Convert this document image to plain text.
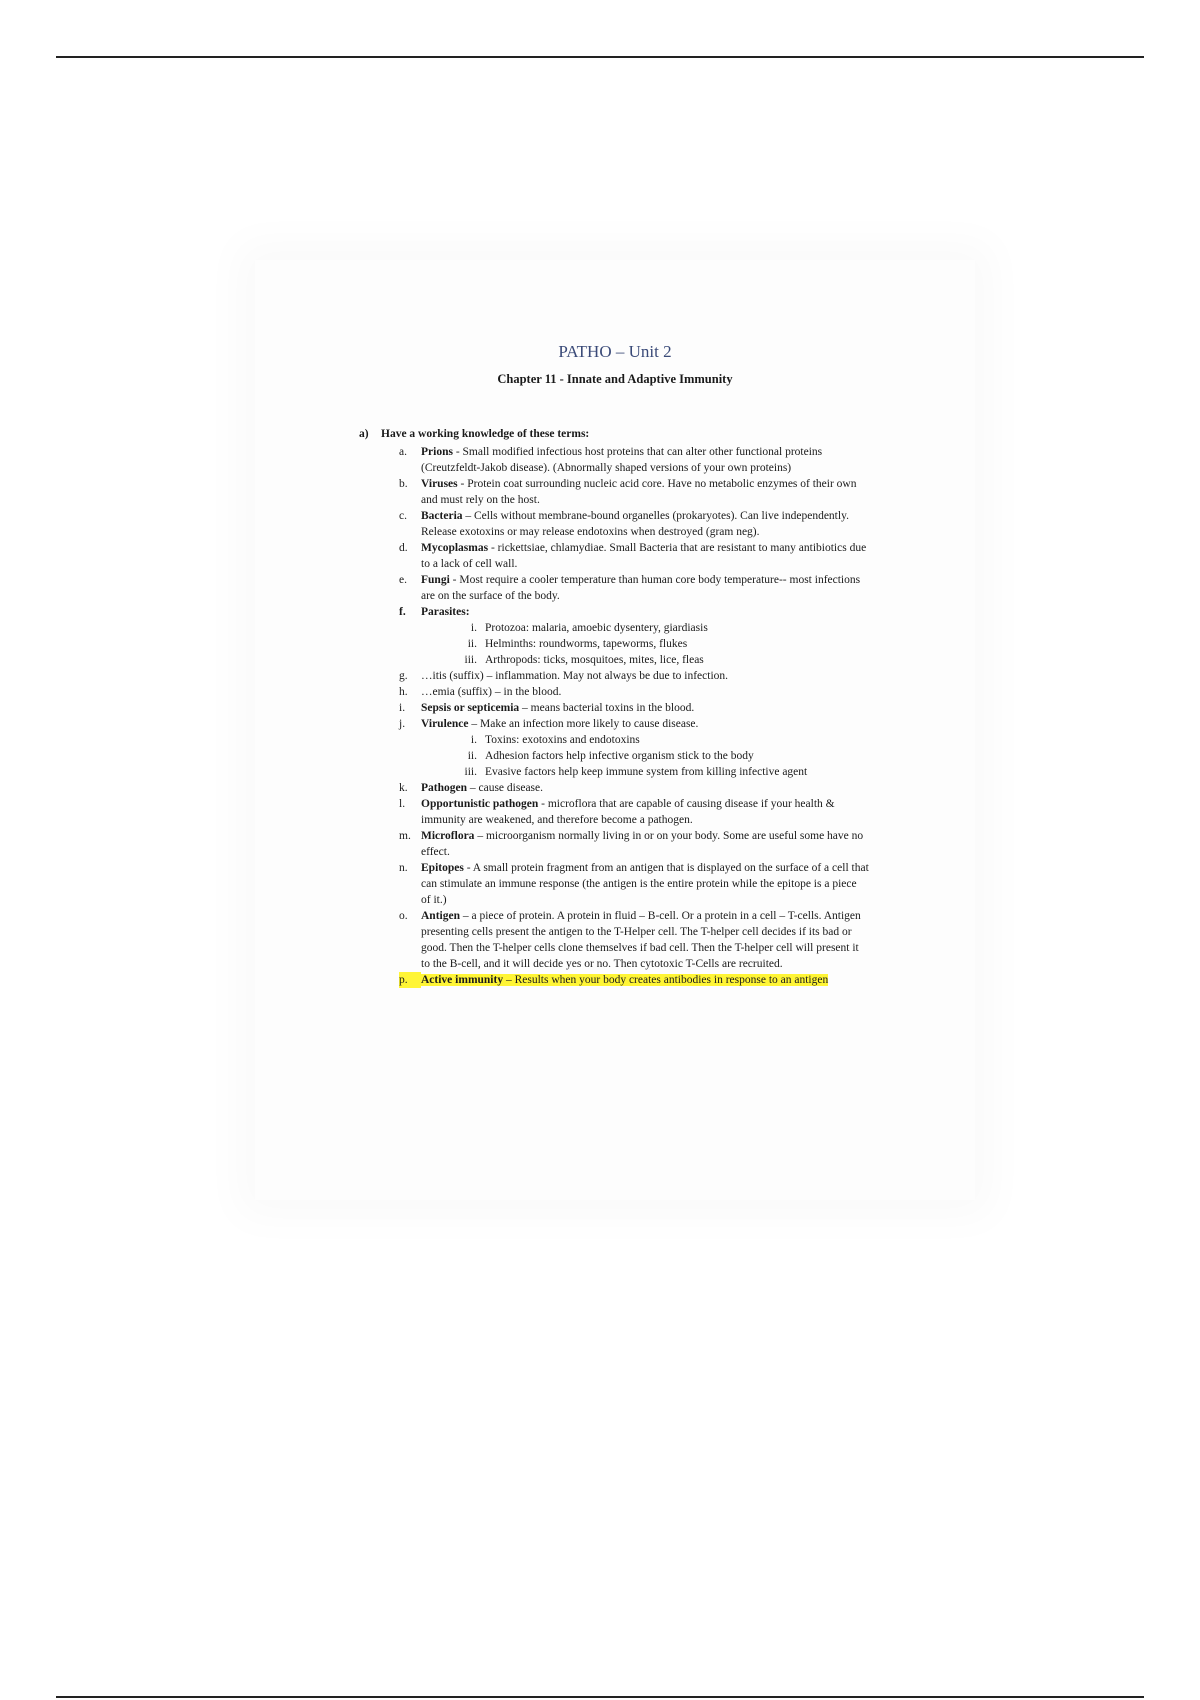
PATHO – Unit 2
Chapter 11 - Innate and Adaptive Immunity
a)	Have a working knowledge of these terms:
a.	Prions - Small modified infectious host proteins that can alter other functional proteins (Creutzfeldt-Jakob disease). (Abnormally shaped versions of your own proteins)
b.	Viruses - Protein coat surrounding nucleic acid core. Have no metabolic enzymes of their own and must rely on the host.
c.	Bacteria – Cells without membrane-bound organelles (prokaryotes). Can live independently. Release exotoxins or may release endotoxins when destroyed (gram neg).
d.	Mycoplasmas - rickettsiae, chlamydiae. Small Bacteria that are resistant to many antibiotics due to a lack of cell wall.
e.	Fungi - Most require a cooler temperature than human core body temperature-- most infections are on the surface of the body.
f.	Parasites:
i. Protozoa: malaria, amoebic dysentery, giardiasis
ii. Helminths: roundworms, tapeworms, flukes
iii. Arthropods: ticks, mosquitoes, mites, lice, fleas
g.	…itis (suffix) – inflammation. May not always be due to infection.
h.	…emia (suffix) – in the blood.
i.	Sepsis or septicemia – means bacterial toxins in the blood.
j.	Virulence – Make an infection more likely to cause disease.
i. Toxins: exotoxins and endotoxins
ii. Adhesion factors help infective organism stick to the body
iii. Evasive factors help keep immune system from killing infective agent
k.	Pathogen – cause disease.
l.	Opportunistic pathogen - microflora that are capable of causing disease if your health & immunity are weakened, and therefore become a pathogen.
m. Microflora – microorganism normally living in or on your body. Some are useful some have no effect.
n.	Epitopes - A small protein fragment from an antigen that is displayed on the surface of a cell that can stimulate an immune response (the antigen is the entire protein while the epitope is a piece of it.)
o.	Antigen – a piece of protein. A protein in fluid – B-cell. Or a protein in a cell – T-cells. Antigen presenting cells present the antigen to the T-Helper cell. The T-helper cell decides if its bad or good. Then the T-helper cells clone themselves if bad cell. Then the T-helper cell will present it to the B-cell, and it will decide yes or no. Then cytotoxic T-Cells are recruited.
p.	Active immunity – Results when your body creates antibodies in response to an antigen
